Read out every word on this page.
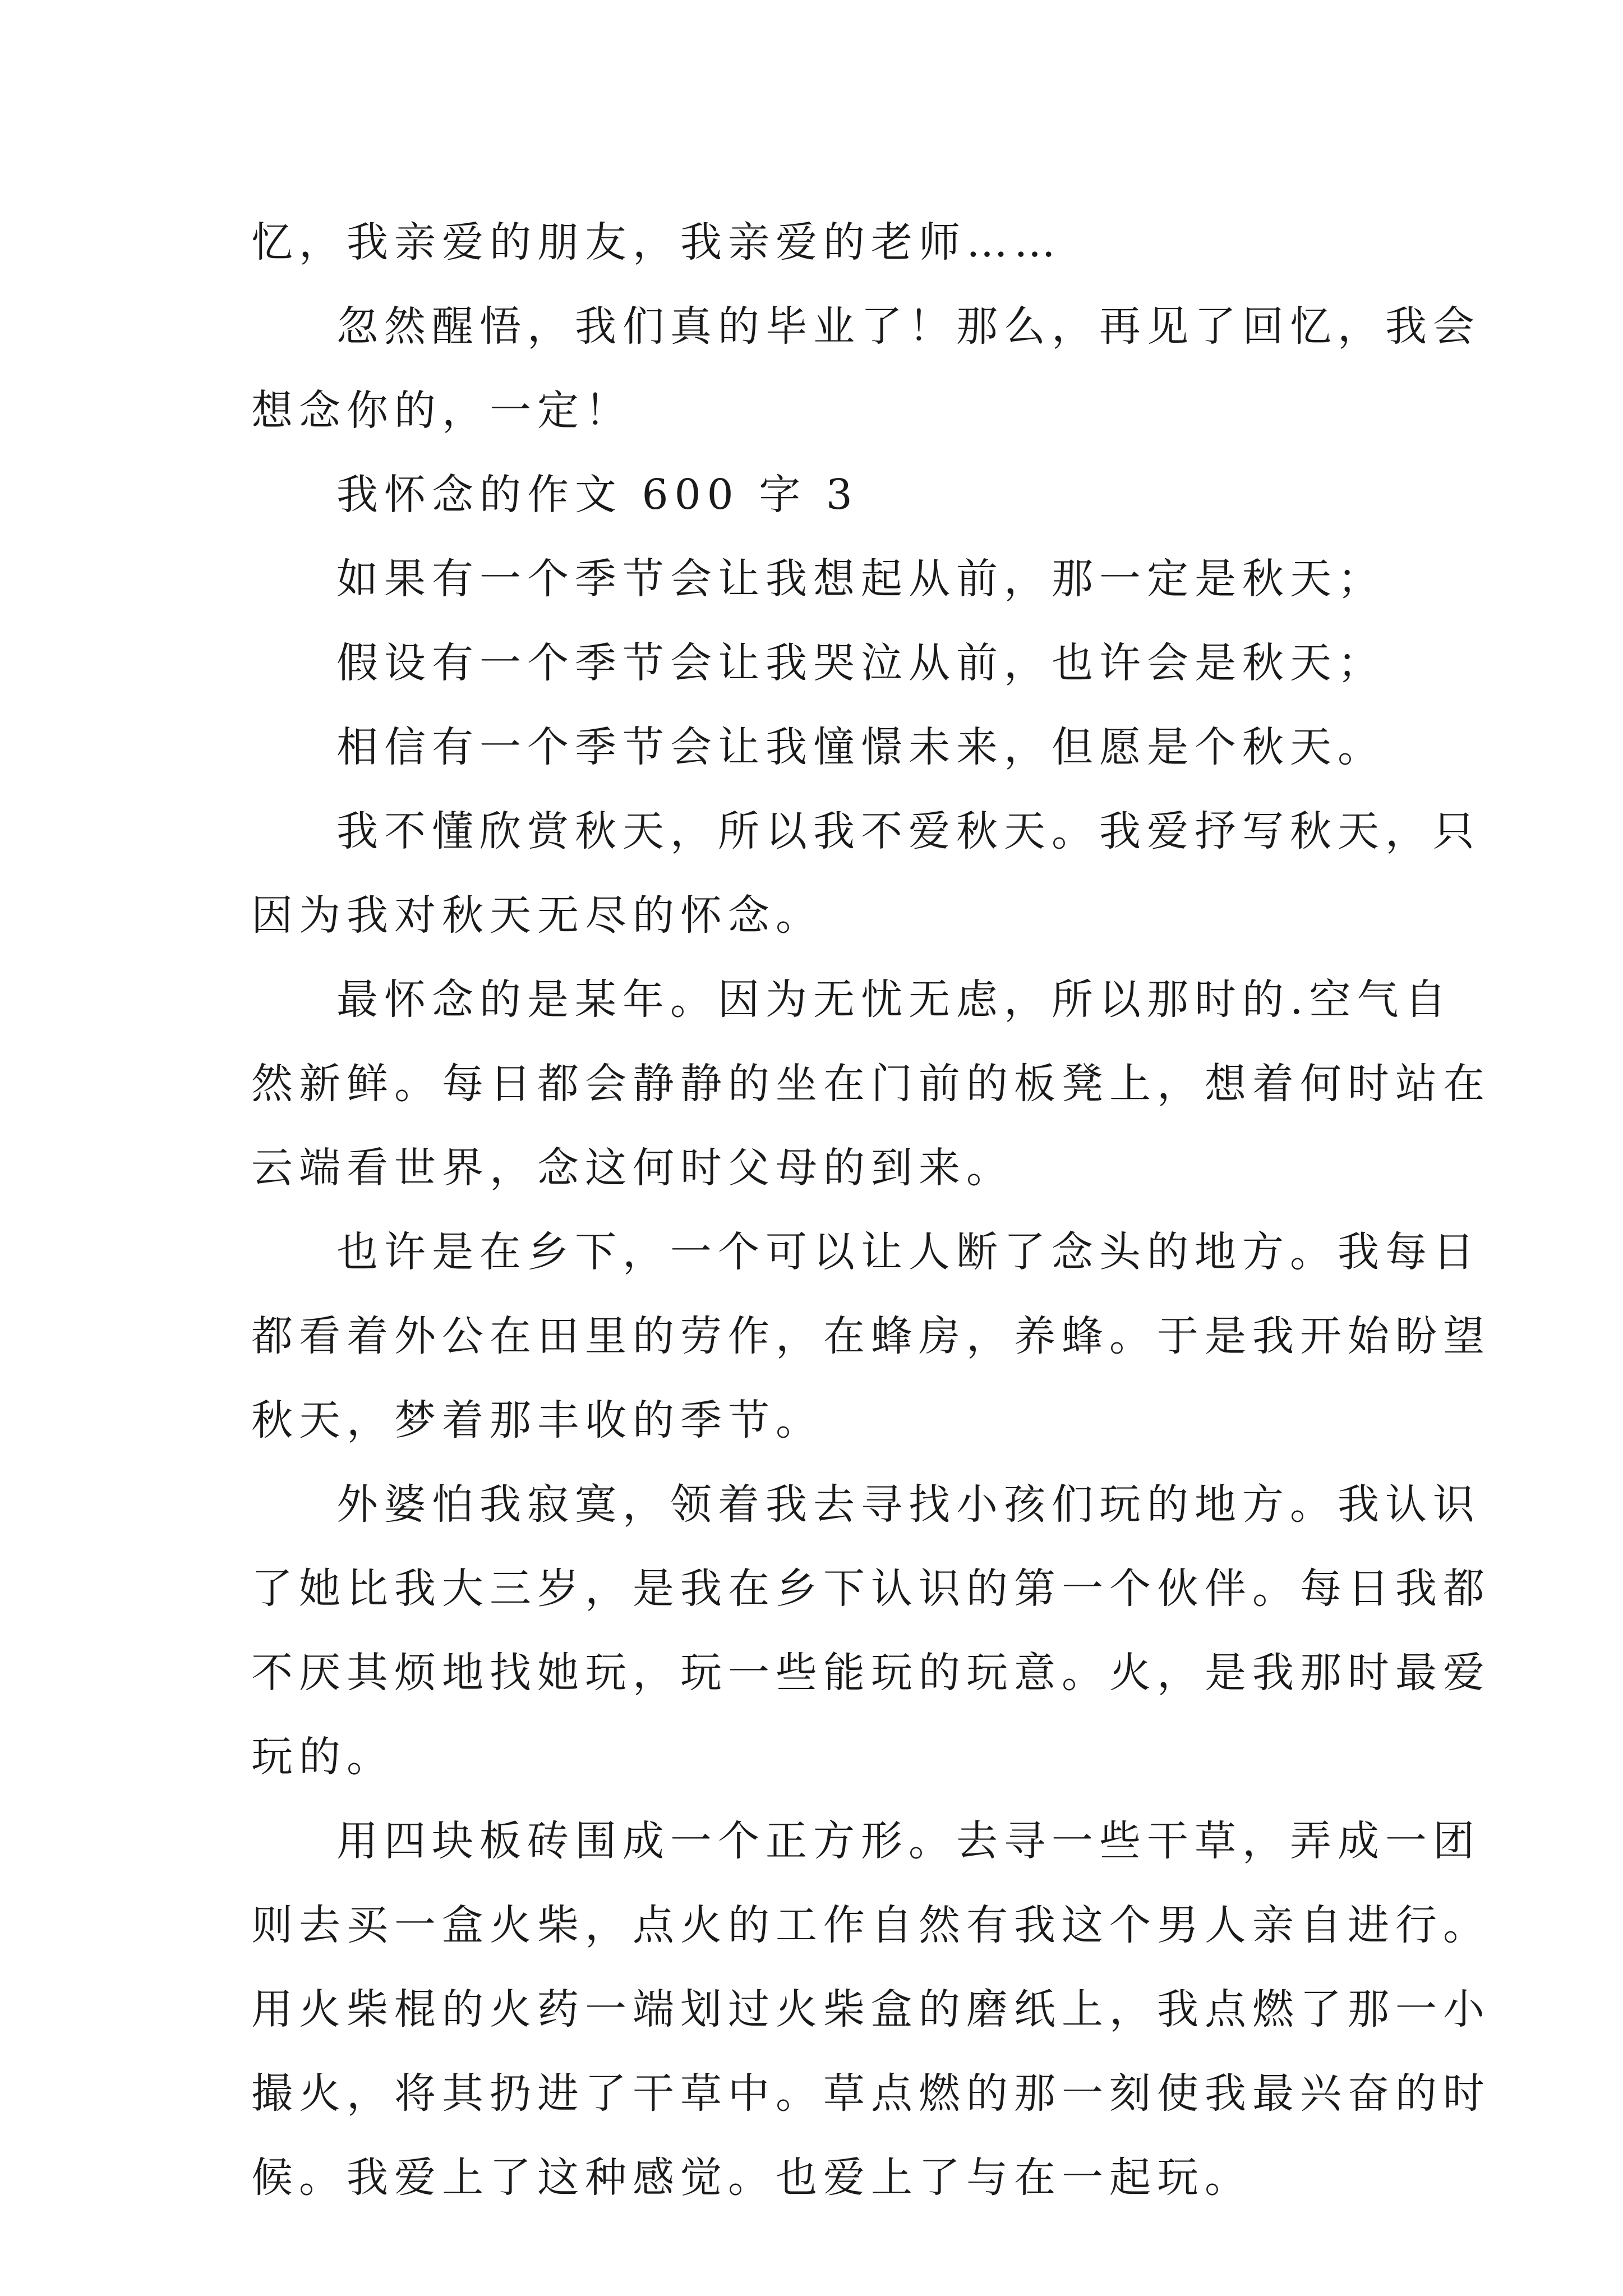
忆，我亲爱的朋友，我亲爱的老师……
忽然醒悟，我们真的毕业了！那么，再见了回忆，我会
想念你的，一定！
我怀念的作文 600 字 3
如果有一个季节会让我想起从前，那一定是秋天；
假设有一个季节会让我哭泣从前，也许会是秋天；
相信有一个季节会让我憧憬未来，但愿是个秋天。
我不懂欣赏秋天，所以我不爱秋天。我爱抒写秋天，只
因为我对秋天无尽的怀念。
最怀念的是某年。因为无忧无虑，所以那时的.空气自
然新鲜。每日都会静静的坐在门前的板凳上，想着何时站在
云端看世界，念这何时父母的到来。
也许是在乡下，一个可以让人断了念头的地方。我每日
都看着外公在田里的劳作，在蜂房，养蜂。于是我开始盼望
秋天，梦着那丰收的季节。
外婆怕我寂寞，领着我去寻找小孩们玩的地方。我认识
了她比我大三岁，是我在乡下认识的第一个伙伴。每日我都
不厌其烦地找她玩，玩一些能玩的玩意。火，是我那时最爱
玩的。
用四块板砖围成一个正方形。去寻一些干草，弄成一团
则去买一盒火柴，点火的工作自然有我这个男人亲自进行。
用火柴棍的火药一端划过火柴盒的磨纸上，我点燃了那一小
撮火，将其扔进了干草中。草点燃的那一刻使我最兴奋的时
候。我爱上了这种感觉。也爱上了与在一起玩。
